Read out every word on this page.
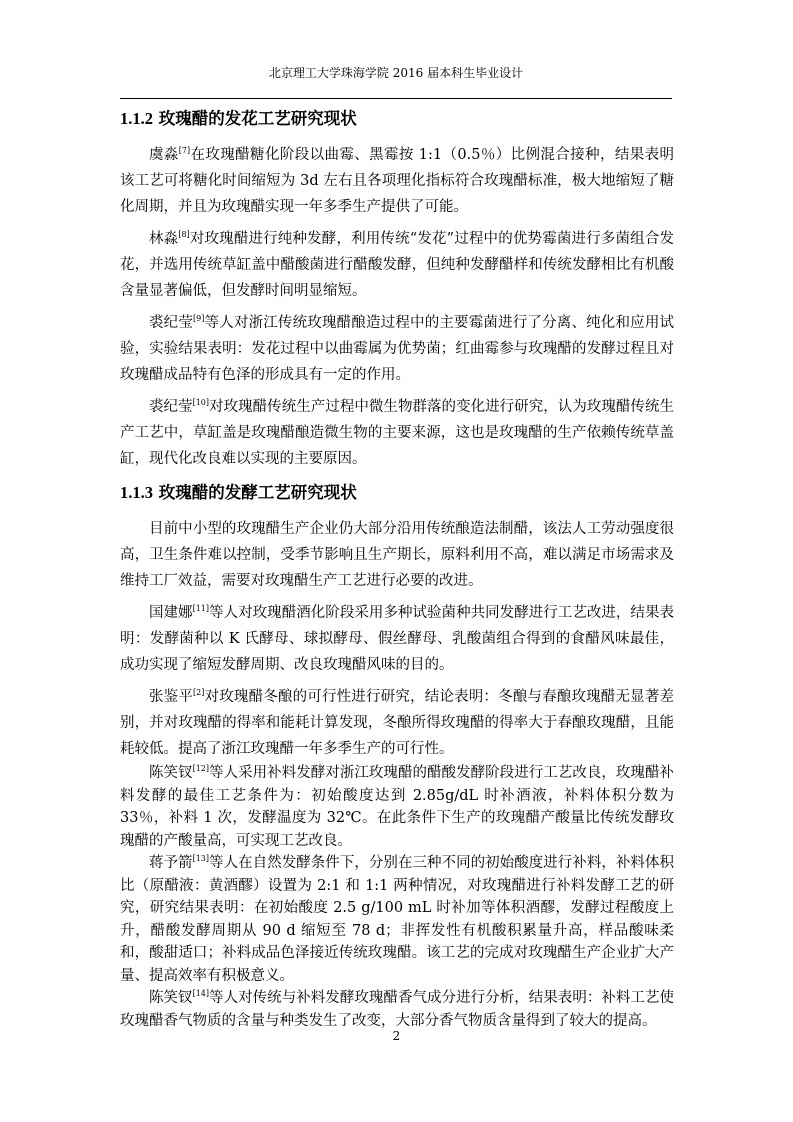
北京理工大学珠海学院 2016 届本科生毕业设计
1.1.2 玫瑰醋的发花工艺研究现状

虞淼[7]在玫瑰醋糖化阶段以曲霉、黑霉按 1:1（0.5％）比例混合接种，结果表明该工艺可将糖化时间缩短为 3d 左右且各项理化指标符合玫瑰醋标准，极大地缩短了糖化周期，并且为玫瑰醋实现一年多季生产提供了可能。

林淼[8]对玫瑰醋进行纯种发酵，利用传统“发花”过程中的优势霉菌进行多菌组合发花，并选用传统草缸盖中醋酸菌进行醋酸发酵，但纯种发酵醋样和传统发酵相比有机酸含量显著偏低，但发酵时间明显缩短。

裘纪莹[9]等人对浙江传统玫瑰醋酿造过程中的主要霉菌进行了分离、纯化和应用试验，实验结果表明：发花过程中以曲霉属为优势菌；红曲霉参与玫瑰醋的发酵过程且对玫瑰醋成品特有色泽的形成具有一定的作用。

裘纪莹[10]对玫瑰醋传统生产过程中微生物群落的变化进行研究，认为玫瑰醋传统生产工艺中，草缸盖是玫瑰醋酿造微生物的主要来源，这也是玫瑰醋的生产依赖传统草盖缸，现代化改良难以实现的主要原因。

1.1.3 玫瑰醋的发酵工艺研究现状

目前中小型的玫瑰醋生产企业仍大部分沿用传统酿造法制醋，该法人工劳动强度很高，卫生条件难以控制，受季节影响且生产期长，原料利用不高，难以满足市场需求及维持工厂效益，需要对玫瑰醋生产工艺进行必要的改进。

国建娜[11]等人对玫瑰醋酒化阶段采用多种试验菌种共同发酵进行工艺改进，结果表明：发酵菌种以 K 氏酵母、球拟酵母、假丝酵母、乳酸菌组合得到的食醋风味最佳，成功实现了缩短发酵周期、改良玫瑰醋风味的目的。

张鉴平[2]对玫瑰醋冬酿的可行性进行研究，结论表明：冬酿与春酿玫瑰醋无显著差别，并对玫瑰醋的得率和能耗计算发现，冬酿所得玫瑰醋的得率大于春酿玫瑰醋，且能耗较低。提高了浙江玫瑰醋一年多季生产的可行性。

陈笑钗[12]等人采用补料发酵对浙江玫瑰醋的醋酸发酵阶段进行工艺改良，玫瑰醋补料发酵的最佳工艺条件为：初始酸度达到 2.85g/dL 时补酒液，补料体积分数为 33％，补料 1 次，发酵温度为 32℃。在此条件下生产的玫瑰醋产酸量比传统发酵玫瑰醋的产酸量高，可实现工艺改良。

蒋予箭[13]等人在自然发酵条件下，分别在三种不同的初始酸度进行补料，补料体积比（原醋液：黄酒醪）设置为 2:1 和 1:1 两种情况，对玫瑰醋进行补料发酵工艺的研究，研究结果表明：在初始酸度 2.5 g/100 mL 时补加等体积酒醪，发酵过程酸度上升，醋酸发酵周期从 90 d 缩短至 78 d；非挥发性有机酸积累量升高，样品酸味柔和，酸甜适口；补料成品色泽接近传统玫瑰醋。该工艺的完成对玫瑰醋生产企业扩大产量、提高效率有积极意义。

陈笑钗[14]等人对传统与补料发酵玫瑰醋香气成分进行分析，结果表明：补料工艺使玫瑰醋香气物质的含量与种类发生了改变，大部分香气物质含量得到了较大的提高。

2
